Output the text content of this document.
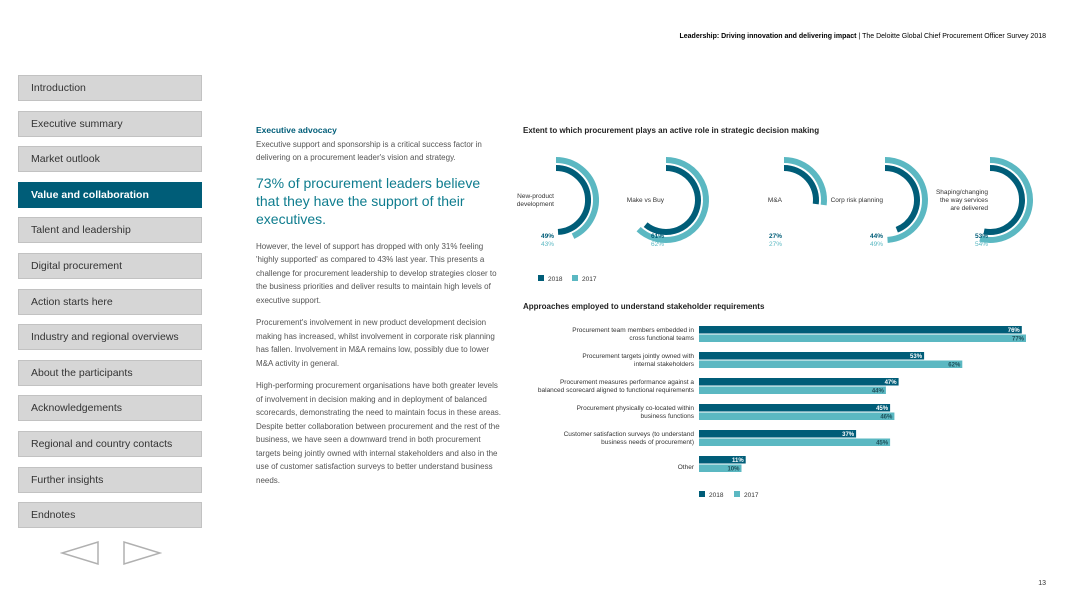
Leadership: Driving innovation and delivering impact | The Deloitte Global Chief Procurement Officer Survey 2018
Introduction
Executive summary
Market outlook
Value and collaboration
Talent and leadership
Digital procurement
Action starts here
Industry and regional overviews
About the participants
Acknowledgements
Regional and country contacts
Further insights
Endnotes

Executive advocacy

Executive support and sponsorship is a critical success factor in delivering on a procurement leader's vision and strategy.

73% of procurement leaders believe that they have the support of their executives.

However, the level of support has dropped with only 31% feeling 'highly supported' as compared to 43% last year. This presents a challenge for procurement leadership to develop strategies closer to the business priorities and deliver results to maintain high levels of executive support.

Procurement's involvement in new product development decision making has increased, whilst involvement in corporate risk planning has fallen. Involvement in M&A remains low, possibly due to lower M&A activity in general.

High-performing procurement organisations have both greater levels of involvement in decision making and in deployment of balanced scorecards, demonstrating the need to maintain focus in these areas. Despite better collaboration between procurement and the rest of the business, we have seen a downward trend in both procurement targets being jointly owned with internal stakeholders and also in the use of customer satisfaction surveys to better understand business needs.

Extent to which procurement plays an active role in strategic decision making
Approaches employed to understand stakeholder requirements
New-product
development
49%
43%
Make vs Buy
61%
62%
M&A
27%
27%
Corp risk planning
44%
49%
Shaping/changing
the way services
are delivered
53%
54%
2018	2017
76%
77%
Procurement team members embedded in
cross functional teams
53%
62%
Procurement targets jointly owned with
internal stakeholders
47%
44%
Procurement measures performance against a
balanced scorecard aligned to functional requirements
45%
46%
Procurement physically co-located within
business functions
37%
45%
Customer satisfaction surveys (to understand
business needs of procurement)
11%
10%
Other
2018	2017
13
